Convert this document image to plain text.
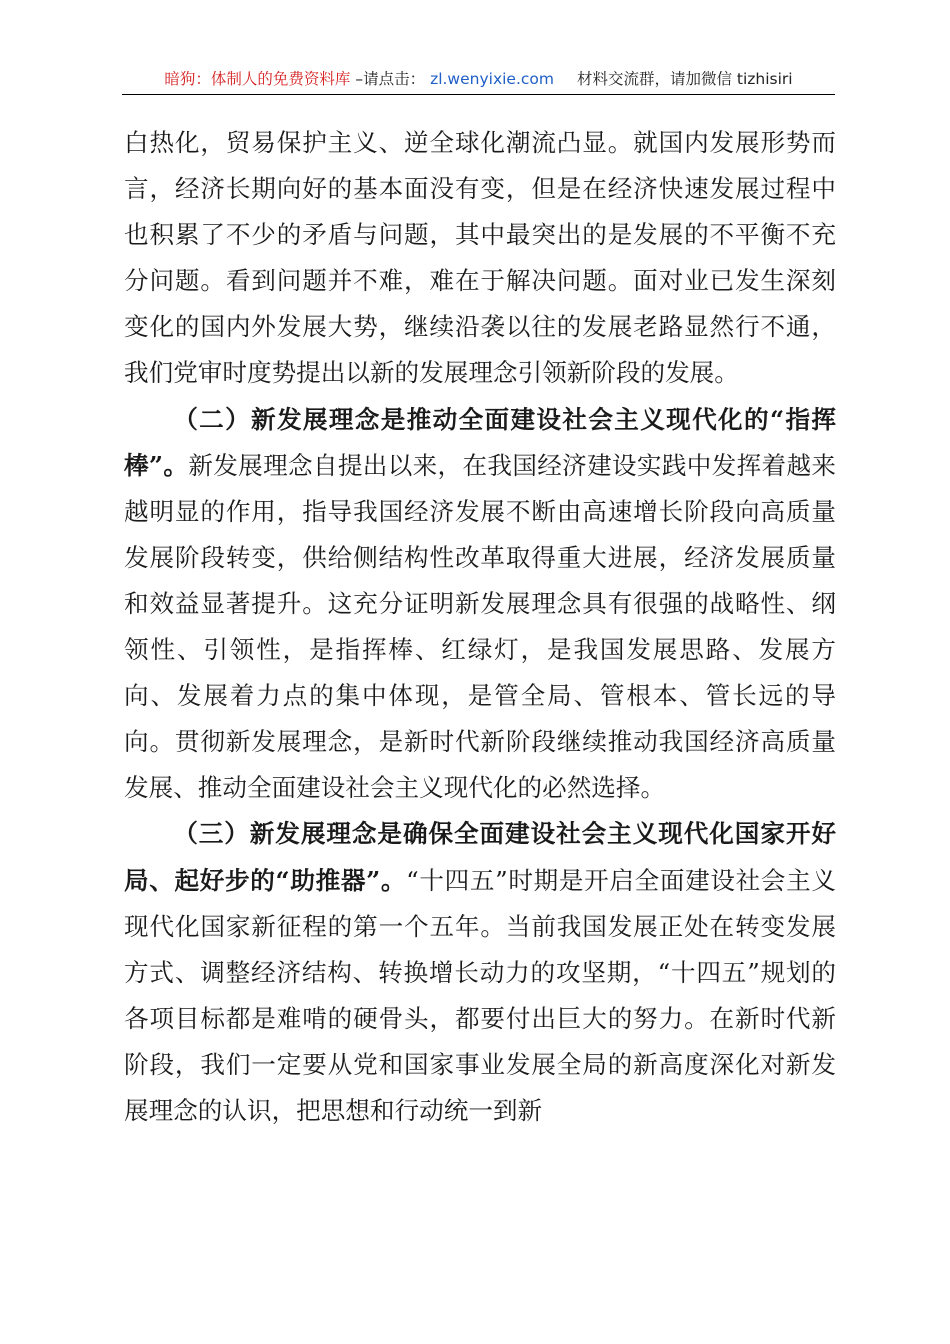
暗狗：体制人的免费资料库 –请点击： zl.wenyixie.com 材料交流群，请加微信 tizhisiri

白热化，贸易保护主义、逆全球化潮流凸显。就国内发展形势而言，经济长期向好的基本面没有变，但是在经济快速发展过程中也积累了不少的矛盾与问题，其中最突出的是发展的不平衡不充分问题。看到问题并不难，难在于解决问题。面对业已发生深刻变化的国内外发展大势，继续沿袭以往的发展老路显然行不通，我们党审时度势提出以新的发展理念引领新阶段的发展。

（二）新发展理念是推动全面建设社会主义现代化的“指挥棒”。新发展理念自提出以来，在我国经济建设实践中发挥着越来越明显的作用，指导我国经济发展不断由高速增长阶段向高质量发展阶段转变，供给侧结构性改革取得重大进展，经济发展质量和效益显著提升。这充分证明新发展理念具有很强的战略性、纲领性、引领性，是指挥棒、红绿灯，是我国发展思路、发展方向、发展着力点的集中体现，是管全局、管根本、管长远的导向。贯彻新发展理念，是新时代新阶段继续推动我国经济高质量发展、推动全面建设社会主义现代化的必然选择。

（三）新发展理念是确保全面建设社会主义现代化国家开好局、起好步的“助推器”。“十四五”时期是开启全面建设社会主义现代化国家新征程的第一个五年。当前我国发展正处在转变发展方式、调整经济结构、转换增长动力的攻坚期，“十四五”规划的各项目标都是难啃的硬骨头，都要付出巨大的努力。在新时代新阶段，我们一定要从党和国家事业发展全局的新高度深化对新发展理念的认识，把思想和行动统一到新
